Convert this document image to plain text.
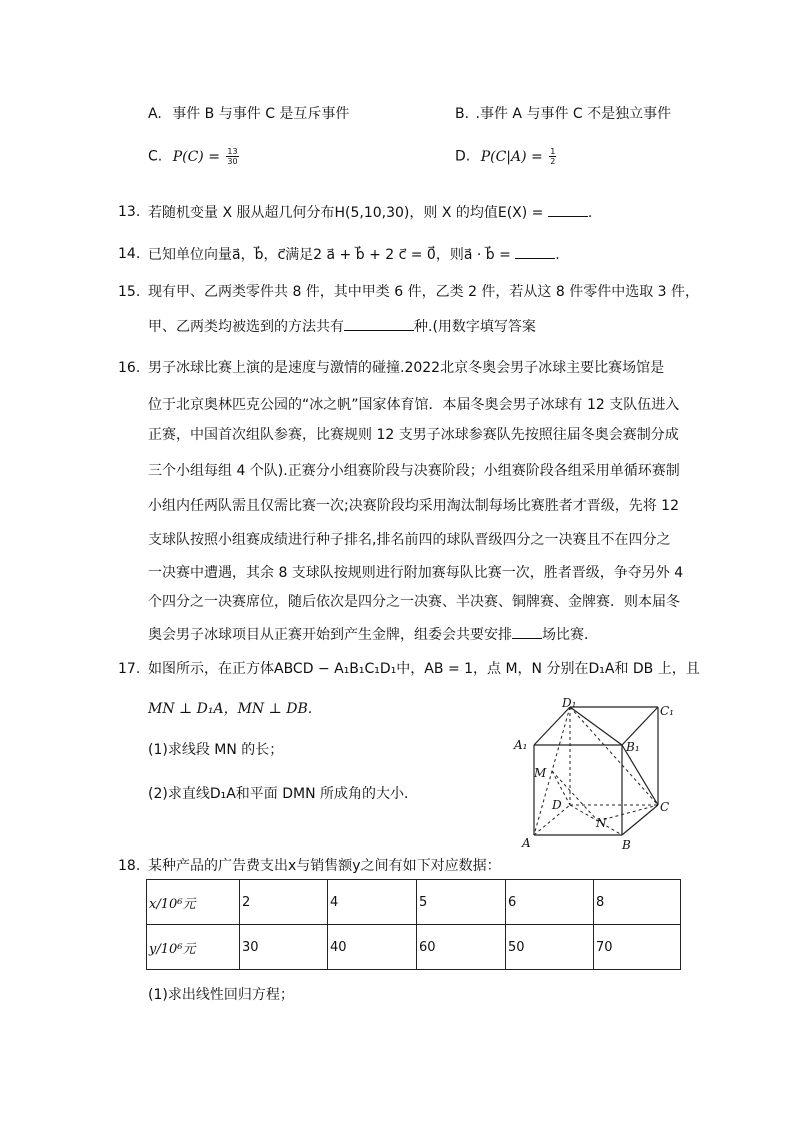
A. 事件 B 与事件 C 是互斥事件	B. .事件 A 与事件 C 不是独立事件
C. $P(C) = \frac{13}{30}$	D. $P(C|A) = \frac{1}{2}$
13. 若随机变量 X 服从超几何分布H(5,10,30)，则 X 的均值E(X) =	.
14. 已知单位向量a⃗，b⃗，c⃗满足2 a⃗ + b⃗ + 2 c⃗ = 0⃗，则a⃗ · b⃗ =	.
15. 现有甲、乙两类零件共 8 件，其中甲类 6 件，乙类 2 件，若从这 8 件零件中选取 3 件，
甲、乙两类均被选到的方法共有	种.(用数字填写答案
16. 男子冰球比赛上演的是速度与激情的碰撞.2022北京冬奥会男子冰球主要比赛场馆是
位于北京奥林匹克公园的“冰之帆”国家体育馆．本届冬奥会男子冰球有 12 支队伍进入
正赛，中国首次组队参赛，比赛规则 12 支男子冰球参赛队先按照往届冬奥会赛制分成
三个小组每组 4 个队).正赛分小组赛阶段与决赛阶段；小组赛阶段各组采用单循环赛制
小组内任两队需且仅需比赛一次;决赛阶段均采用淘汰制每场比赛胜者才晋级，先将 12
支球队按照小组赛成绩进行种子排名,排名前四的球队晋级四分之一决赛且不在四分之
一决赛中遭遇，其余 8 支球队按规则进行附加赛每队比赛一次，胜者晋级，争夺另外 4
个四分之一决赛席位，随后依次是四分之一决赛、半决赛、铜牌赛、金牌赛．则本届冬
奥会男子冰球项目从正赛开始到产生金牌，组委会共要安排 场比赛．
17. 如图所示，在正方体ABCD − A₁B₁C₁D₁中，AB = 1，点 M，N 分别在D₁A和 DB 上，且
MN ⊥ D₁A，MN ⊥ DB.
(1)求线段 MN 的长；
(2)求直线D₁A和平面 DMN 所成角的大小．
D₁
C₁
A₁	B₁
M
D
N
C
A	B
18. 某种产品的广告费支出x与销售额y之间有如下对应数据：
x/10⁶元	2	4	5	6	8
y/10⁶元	30	40	60	50	70
(1)求出线性回归方程；
